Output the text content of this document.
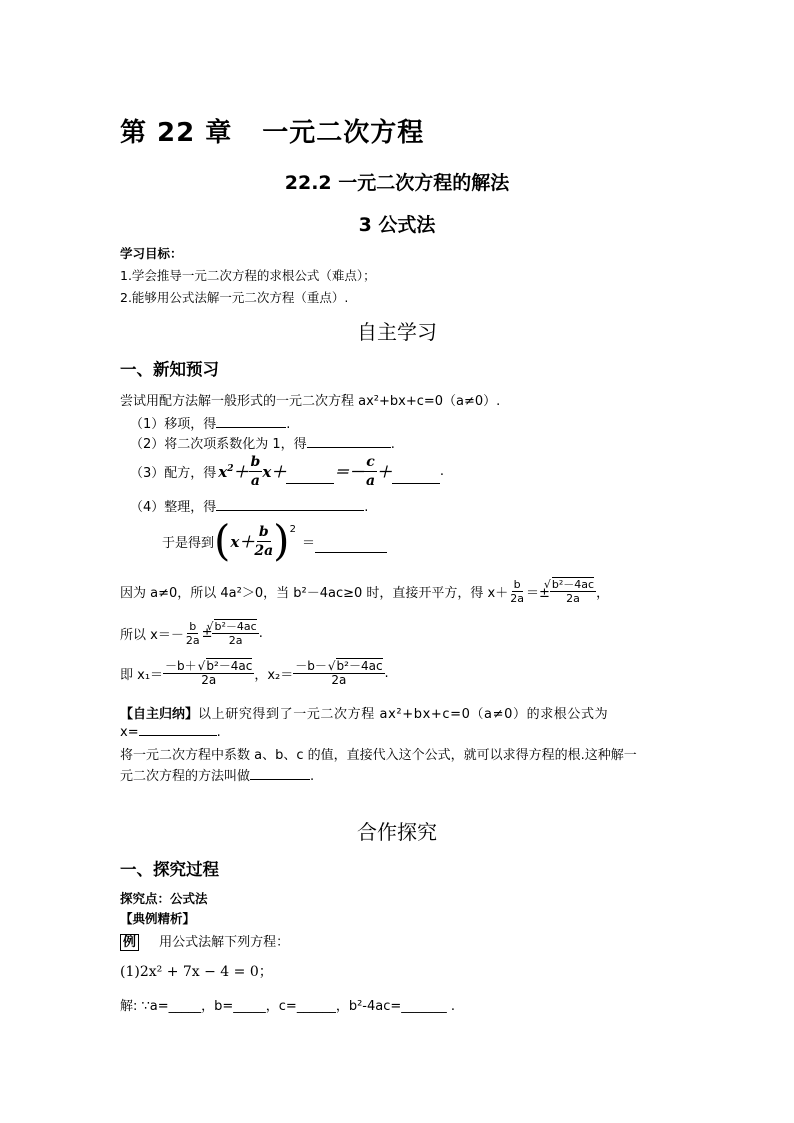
第 22 章 一元二次方程
22.2 一元二次方程的解法
3 公式法
学习目标：
1.学会推导一元二次方程的求根公式（难点）；
2.能够用公式法解一元二次方程（重点）.
自主学习
一、新知预习
尝试用配方法解一般形式的一元二次方程 ax²+bx+c=0（a≠0）.
（1）移项，得	.
（2）将二次项系数化为 1，得	.
（3）配方，得 $x^2+ \frac{b}{a} x+$	＝－ $\frac{c}{a}$ ＋	.
（4）整理，得	.
于是得到 ( $x+ \frac{b}{2a}$ ) 2
＝
因为 a≠0，所以 4a²＞0，当 b²－4ac≥0 时，直接开平方，得 $x+ \frac{b}{2a}$ ＝± √ $\frac{\text{b²－4ac}}{2a}$ ，
所以 $x=- \frac{b}{2a}$ ± √ $\frac{\text{b²－4ac}}{2a}$ .
即 $x_1= \frac{\text{－b＋ √ b²－4ac}}{2a}$ ，$x_2= \frac{\text{－b－ √ b²－4ac}}{2a}$ .
【自主归纳】以上研究得到了一元二次方程 ax²+bx+c=0（a≠0）的求根公式为
x=	.
将一元二次方程中系数 a、b、c 的值，直接代入这个公式，就可以求得方程的根.这种解一
元二次方程的方法叫做	.
合作探究
一、探究过程
探究点：公式法
【典例精析】
例 用公式法解下列方程：
(1)2x² + 7x − 4 = 0；
解: ∵a=_____，b=_____，c=______，b²-4ac=_______ .
